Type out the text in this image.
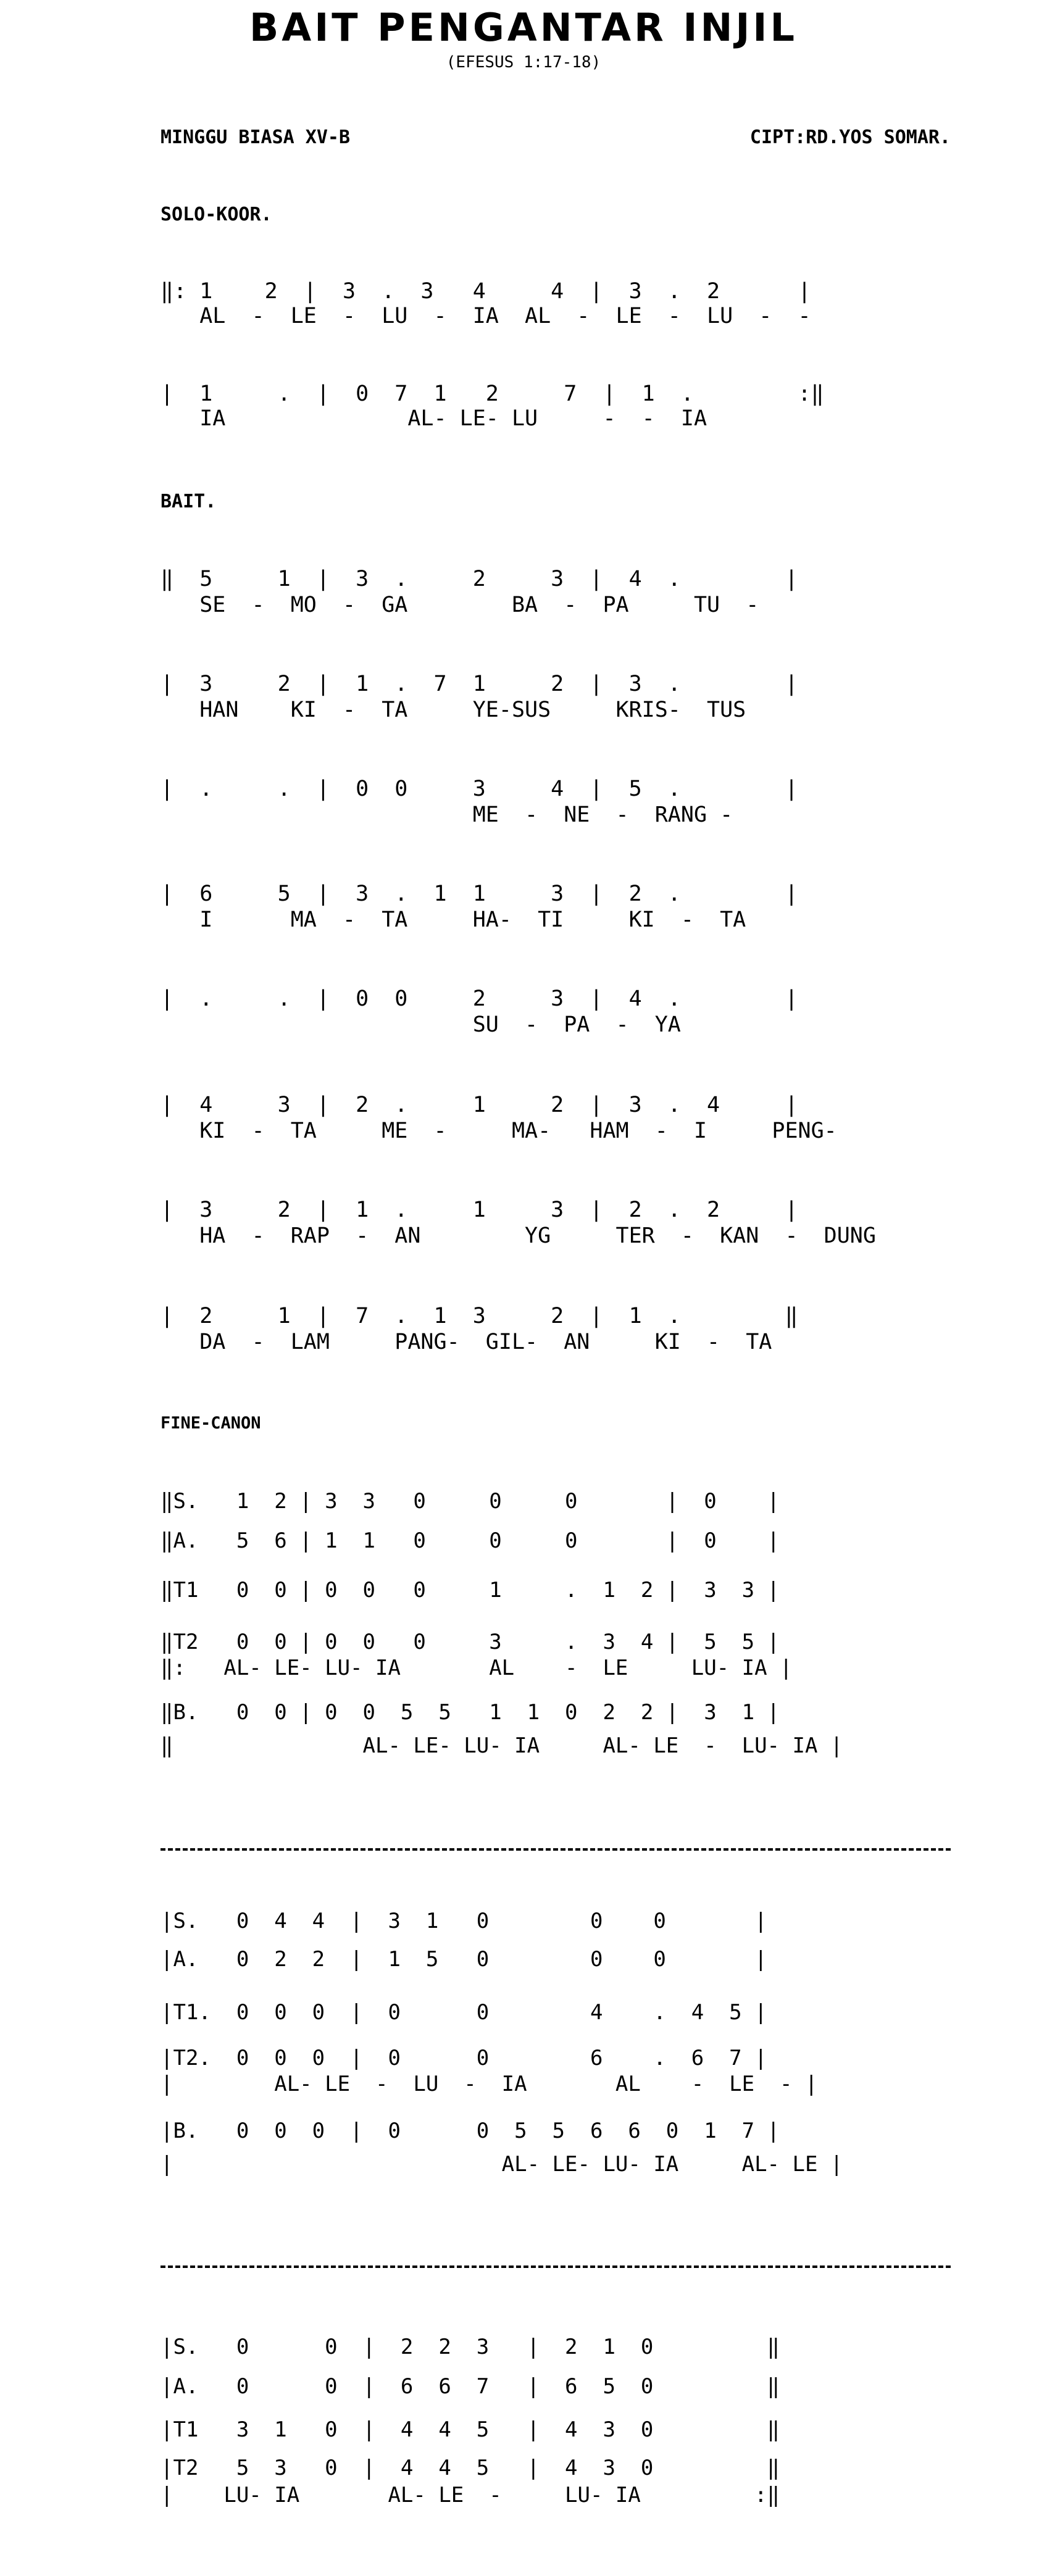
BAIT PENGANTAR INJIL
(EFESUS 1:17-18)
MINGGU BIASA XV-B	CIPT:RD.YOS SOMAR.
SOLO-KOOR.
‖: 1    2  |  3  .  3   4     4  |  3  .  2      |
AL  -  LE  -  LU  -  IA  AL  -  LE  -  LU  -  -
|  1     .  |  0  7  1   2     7  |  1  .        :‖
IA              AL- LE- LU     -  -  IA
BAIT.
‖  5     1  |  3  .     2     3  |  4  .        |
SE  -  MO  -  GA        BA  -  PA     TU  -
|  3     2  |  1  .  7  1     2  |  3  .        |
HAN    KI  -  TA     YE-SUS     KRIS-  TUS
|  .     .  |  0  0     3     4  |  5  .        |
ME  -  NE  -  RANG -
|  6     5  |  3  .  1  1     3  |  2  .        |
I      MA  -  TA     HA-  TI     KI  -  TA
|  .     .  |  0  0     2     3  |  4  .        |
SU  -  PA  -  YA
|  4     3  |  2  .     1     2  |  3  .  4     |
KI  -  TA     ME  -     MA-   HAM  -  I     PENG-
|  3     2  |  1  .     1     3  |  2  .  2     |
HA  -  RAP  -  AN        YG     TER  -  KAN  -  DUNG
|  2     1  |  7  .  1  3     2  |  1  .        ‖
DA  -  LAM     PANG-  GIL-  AN     KI  -  TA
FINE-CANON
‖S.   1  2 | 3  3   0     0     0       |  0    |
‖A.   5  6 | 1  1   0     0     0       |  0    |
‖T1   0  0 | 0  0   0     1     .  1  2 |  3  3 |
‖T2   0  0 | 0  0   0     3     .  3  4 |  5  5 |
‖:   AL- LE- LU- IA       AL    -  LE     LU- IA |
‖B.   0  0 | 0  0  5  5   1  1  0  2  2 |  3  1 |
‖               AL- LE- LU- IA     AL- LE  -  LU- IA |
|S.   0  4  4  |  3  1   0        0    0       |
|A.   0  2  2  |  1  5   0        0    0       |
|T1.  0  0  0  |  0      0        4    .  4  5 |
|T2.  0  0  0  |  0      0        6    .  6  7 |
|        AL- LE  -  LU  -  IA       AL    -  LE  - |
|B.   0  0  0  |  0      0  5  5  6  6  0  1  7 |
|                          AL- LE- LU- IA     AL- LE |
|S.   0      0  |  2  2  3   |  2  1  0         ‖
|A.   0      0  |  6  6  7   |  6  5  0         ‖
|T1   3  1   0  |  4  4  5   |  4  3  0         ‖
|T2   5  3   0  |  4  4  5   |  4  3  0         ‖
|    LU- IA       AL- LE  -     LU- IA         :‖
